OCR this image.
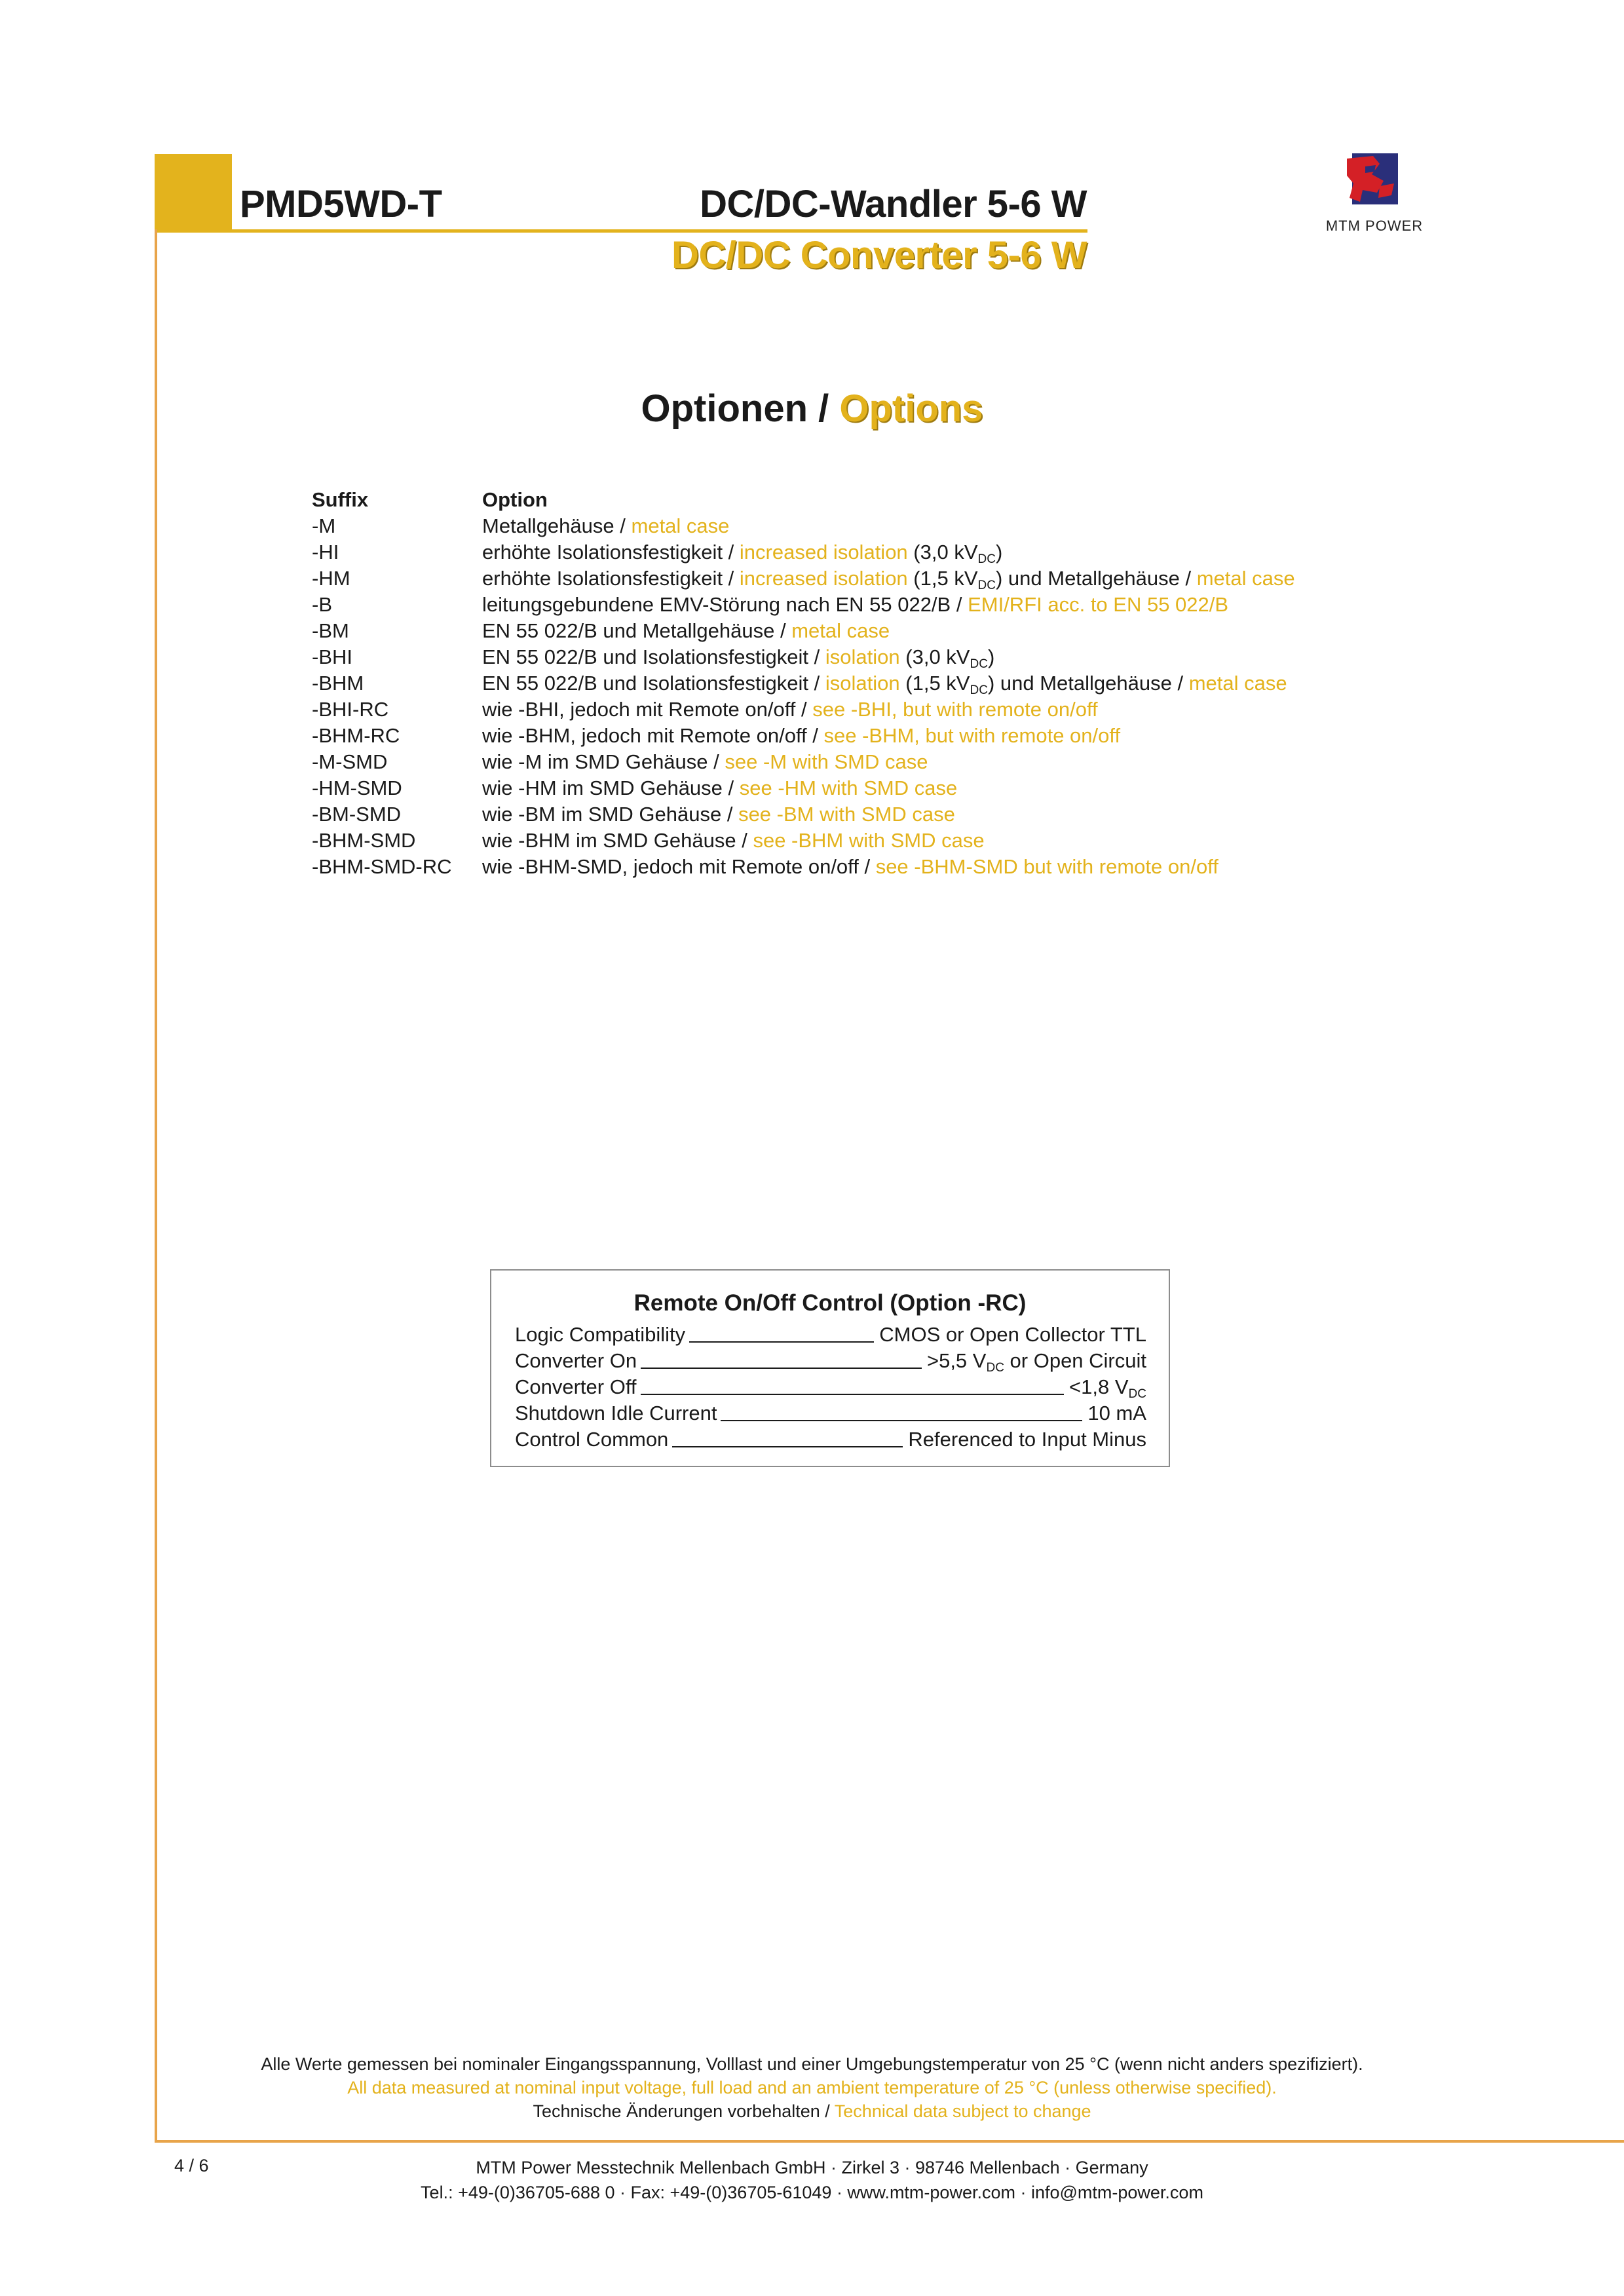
PMD5WD-T	DC/DC-Wandler 5-6 W
DC/DC Converter 5-6 W
MTM POWER
Optionen / Options
Suffix	Option
-M	Metallgehäuse / metal case
-HI	erhöhte Isolationsfestigkeit / increased isolation (3,0 $kV_{DC}$)
-HM	erhöhte Isolationsfestigkeit / increased isolation (1,5 $kV_{DC}$) und Metallgehäuse / metal case
-B	leitungsgebundene EMV-Störung nach EN 55 022/B / EMI/RFI acc. to EN 55 022/B
-BM	EN 55 022/B und Metallgehäuse / metal case
-BHI	EN 55 022/B und Isolationsfestigkeit / isolation (3,0 $kV_{DC}$)
-BHM	EN 55 022/B und Isolationsfestigkeit / isolation (1,5 $kV_{DC}$) und Metallgehäuse / metal case
-BHI-RC	wie -BHI, jedoch mit Remote on/off / see -BHI, but with remote on/off
-BHM-RC	wie -BHM, jedoch mit Remote on/off / see -BHM, but with remote on/off
-M-SMD	wie -M im SMD Gehäuse / see -M with SMD case
-HM-SMD	wie -HM im SMD Gehäuse / see -HM with SMD case
-BM-SMD	wie -BM im SMD Gehäuse / see -BM with SMD case
-BHM-SMD	wie -BHM im SMD Gehäuse / see -BHM with SMD case
-BHM-SMD-RC	wie -BHM-SMD, jedoch mit Remote on/off / see -BHM-SMD but with remote on/off
Remote On/Off Control (Option -RC)
Logic Compatibility	CMOS or Open Collector TTL
Converter On	>5,5 $V_{DC}$ or Open Circuit
Converter Off	<1,8 $V_{DC}$
Shutdown Idle Current	10 mA
Control Common	Referenced to Input Minus
Alle Werte gemessen bei nominaler Eingangsspannung, Volllast und einer Umgebungstemperatur von 25 °C (wenn nicht anders spezifiziert).
All data measured at nominal input voltage, full load and an ambient temperature of 25 °C (unless otherwise specified).
Technische Änderungen vorbehalten / Technical data subject to change
4 / 6	MTM Power Messtechnik Mellenbach GmbH · Zirkel 3 · 98746 Mellenbach · Germany
Tel.: +49-(0)36705-688 0 · Fax: +49-(0)36705-61049 · www.mtm-power.com · info@mtm-power.com
